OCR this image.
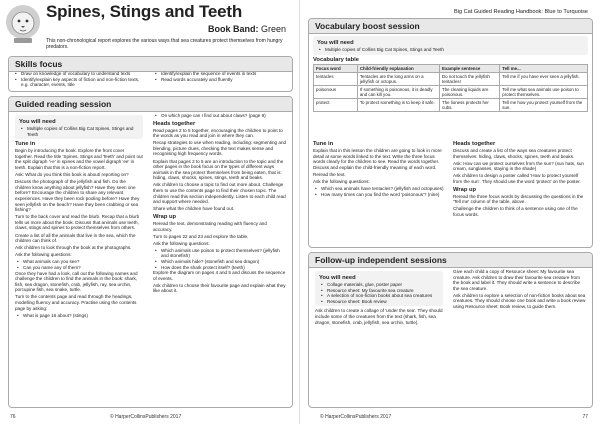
Spines, Stings and Teeth
Book Band: Green
This non-chronological report explores the various ways that sea creatures protect themselves from hungry predators.
Skills focus
• Draw on knowledge of vocabulary to understand texts
• Identify/explain key aspects of fiction and non-fiction texts, e.g. character, events, title
• Identify/explain the sequence of events in texts
• Read words accurately and fluently
Guided reading session
You will need
• Multiple copies of Collins Big Cat Spines, Stings and Teeth
Tune in

Begin by introducing the book. Explore the front cover together. Read the title 'Spines, Stings and Teeth' and point out the split digraph 'i-e' in spines and the vowel digraph 'ee' in teeth. Explain that this is a non-fiction report.

Ask: What do you think this book is about/ reporting on?

Discuss the photograph of the jellyfish and fish. Do the children know anything about jellyfish? Have they seen one before? Encourage the children to share any relevant experiences. Have they been rock pooling before? Have they seen jellyfish on the beach? Have they been crabbing or sea fishing?

Turn to the back cover and read the blurb. Recap that a blurb tells us more about the book. Discuss that animals use teeth, claws, stings and spines to protect themselves from others.

Create a list of all the animals that live in the sea, which the children can think of.

Ask children to look through the book at the photographs.

Ask the following questions:

• What animals can you see?
• Can you name any of them?

Once they have had a look, call out the following names and challenge the children to find the animals in the book: shark, fish, sea dragon, stonefish, crab, jellyfish, ray, sea urchin, porcupine fish, sea snake, turtle.

Turn to the contents page and read through the headings, modelling fluency and accuracy. Practise using the contents page by asking:

• What is page 16 about? (stings)
• On which page can I find out about claws? (page 9)
Heads together

Read pages 2 to 5 together, encouraging the children to point to the words as you read and join in where they can.

Recap strategies to use when reading, including: segmenting and blending, picture clues, checking the text makes sense and recognising high frequency words.

Explain that pages 2 to 5 are an introduction to the topic and the other pages in the book focus on the types of different ways animals in the sea protect themselves from being eaten, that is: hiding, claws, shocks, spines, stings, teeth and beaks.

Ask children to choose a topic to find out more about. Challenge them to use the contents page to find their chosen topic. The children read this section independently. Listen to each child read and support where needed.

Share what the children have found out.

Wrap up

Reread the text, demonstrating reading with fluency and accuracy.

Turn to pages 22 and 23 and explore the table.

Ask the following questions:

• Which animals use poison to protect themselves? (jellyfish and stonefish)
• Which animals hide? (stonefish and sea dragon)
• How does the shark protect itself? (teeth)

Explore the diagram on pages 4 and 5 and discuss the sequence of events.

Ask children to choose their favourite page and explain what they like about it.

76	© HarperCollinsPublishers 2017
Big Cat Guided Reading Handbook: Blue to Turquoise
Vocabulary boost session
You will need
• Multiple copies of Collins Big Cat Spines, Stings and Teeth
Vocabulary table
Focus word	Child-friendly explanation	Example sentence	Tell me...
tentacles	Tentacles are the long arms on a jellyfish or octopus.	Do not touch the jellyfish tentacles!	Tell me if you have ever seen a jellyfish.
poisonous	If something is poisonous, it is deadly and can kill you.	The cleaning liquids are poisonous.	Tell me what sea animals use poison to protect themselves.
protect	To protect something is to keep it safe.	The lioness protects her cubs.	Tell me how you protect yourself from the sun.
Tune in

Explain that in this lesson the children are going to look in more detail at some words linked to the text. Write the three focus words clearly for the children to see. Read the words together. Discuss and explain the child-friendly meaning of each word.

Reread the text.

Ask the following questions:

• Which sea animals have tentacles? (jellyfish and octopuses)
• How many times can you find the word 'poisonous'? (nine)
Heads together

Discuss and create a list of the ways sea creatures protect themselves: hiding, claws, shocks, spines, teeth and beaks.

Ask: How can we protect ourselves from the sun? (sun hats, sun cream, sunglasses, staying in the shade)

Ask children to design a poster called 'How to protect yourself from the sun'. They should use the word 'protect' on the poster.

Wrap up

Reread the three focus words by discussing the questions in the 'Tell me' column of the table, above.

Challenge the children to think of a sentence using one of the focus words.

Follow-up independent sessions
You will need
• Collage materials, glue, poster paper
• Resource sheet: My favourite sea creature
• A selection of non-fiction books about sea creatures
• Resource sheet: Book review

Ask children to create a collage of 'under the sea'. They should include some of the creatures from the text (shark, fish, sea dragon, stonefish, crab, jellyfish, sea urchin, turtle).

Give each child a copy of Resource sheet: My favourite sea creature. Ask children to draw their favourite sea creature from the book and label it. They should write a sentence to describe the sea creature.

Ask children to explore a selection of non-fiction books about sea creatures. They should choose one book and write a book review using Resource sheet: Book review, to guide them.

© HarperCollinsPublishers 2017	77
